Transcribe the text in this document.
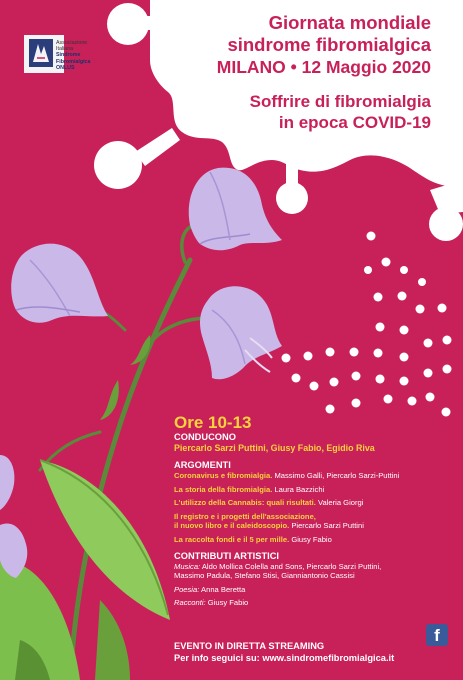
Associazione
Italiana
Sindrome
Fibromialgica
ONLUS
Giornata mondiale
sindrome fibromialgica
MILANO • 12 Maggio 2020
Soffrire di fibromialgia
in epoca COVID-19
Ore 10-13
CONDUCONO
Piercarlo Sarzi Puttini, Giusy Fabio, Egidio Riva
ARGOMENTI
Coronavirus e fibromialgia. Massimo Galli, Piercarlo Sarzi-Puttini
La storia della fibromialgia. Laura Bazzichi
L'utilizzo della Cannabis: quali risultati. Valeria Giorgi
Il registro e i progetti dell'associazione,
il nuovo libro e il caleidoscopio. Piercarlo Sarzi Puttini
La raccolta fondi e il 5 per mille. Giusy Fabio
CONTRIBUTI ARTISTICI
Musica: Aldo Mollica Colella and Sons, Piercarlo Sarzi Puttini,
Massimo Padula, Stefano Stisi, Gianniantonio Cassisi
Poesia: Anna Beretta
Racconti: Giusy Fabio
EVENTO IN DIRETTA STREAMING
Per info seguici su: www.sindromefibromialgica.it
f
